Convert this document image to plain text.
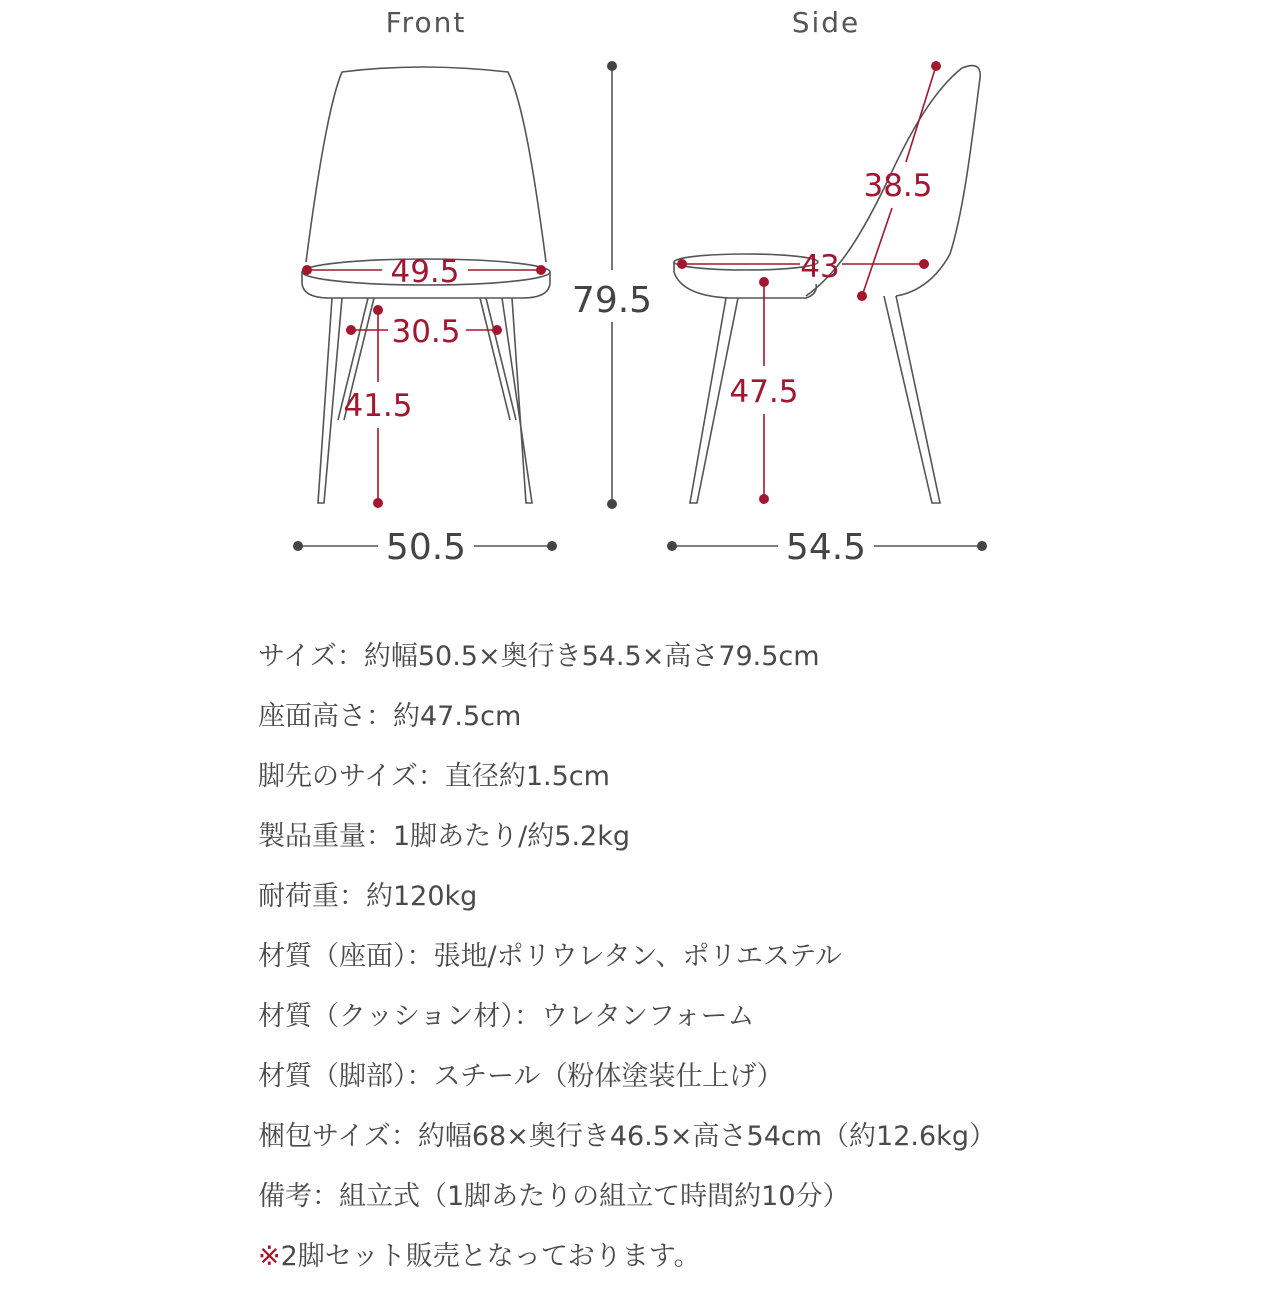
Front	Side
49.5
30.5
41.5
50.5
79.5
38.5
43
47.5
54.5
サイズ：約幅50.5×奥行き54.5×高さ79.5cm
座面高さ：約47.5cm
脚先のサイズ：直径約1.5cm
製品重量：1脚あたり/約5.2kg
耐荷重：約120kg
材質（座面）：張地/ポリウレタン、ポリエステル
材質（クッション材）：ウレタンフォーム
材質（脚部）：スチール（粉体塗装仕上げ）
梱包サイズ：約幅68×奥行き46.5×高さ54cm（約12.6kg）
備考：組立式（1脚あたりの組立て時間約10分）
※2脚セット販売となっております。
